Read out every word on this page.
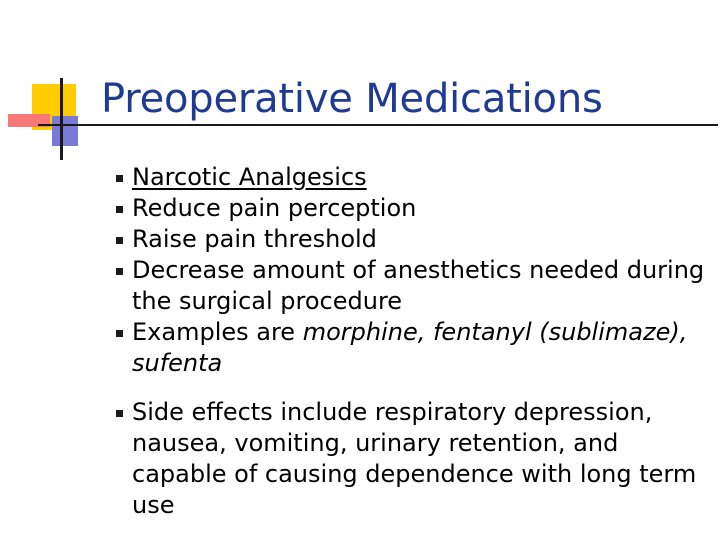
Preoperative Medications
Narcotic Analgesics
Reduce pain perception
Raise pain threshold
Decrease amount of anesthetics needed during the surgical procedure
Examples are morphine, fentanyl (sublimaze), sufenta
Side effects include respiratory depression, nausea, vomiting, urinary retention, and capable of causing dependence with long term use
